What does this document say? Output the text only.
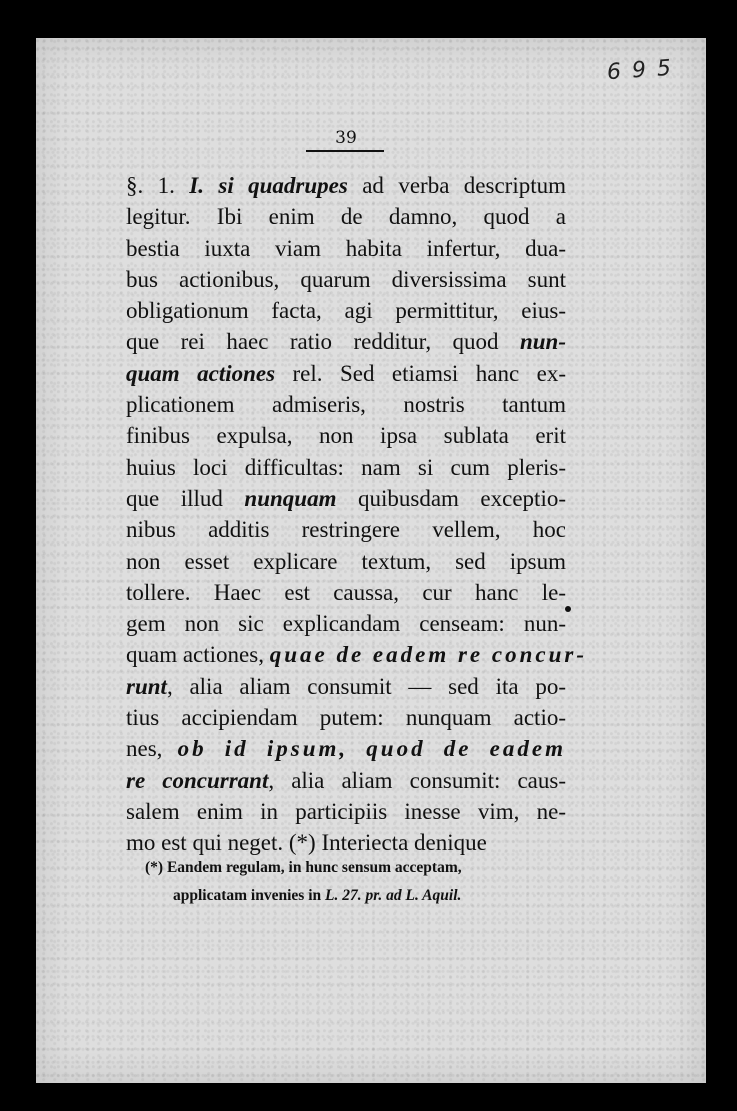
6 9 5
39
§. 1. I. si quadrupes ad verba descriptum
legitur. Ibi enim de damno, quod a
bestia iuxta viam habita infertur, dua-
bus actionibus, quarum diversissima sunt
obligationum facta, agi permittitur, eius-
que rei haec ratio redditur, quod nun-
quam actiones rel. Sed etiamsi hanc ex-
plicationem admiseris, nostris tantum
finibus expulsa, non ipsa sublata erit
huius loci difficultas: nam si cum pleris-
que illud nunquam quibusdam exceptio-
nibus additis restringere vellem, hoc
non esset explicare textum, sed ipsum
tollere. Haec est caussa, cur hanc le-
gem non sic explicandam censeam: nun-
quam actiones, quae de eadem re concur-
runt, alia aliam consumit — sed ita po-
tius accipiendam putem: nunquam actio-
nes, ob id ipsum, quod de eadem
re concurrant, alia aliam consumit: caus-
salem enim in participiis inesse vim, ne-
mo est qui neget. (*) Interiecta denique
(*) Eandem regulam, in hunc sensum acceptam,
applicatam invenies in L. 27. pr. ad L. Aquil.
